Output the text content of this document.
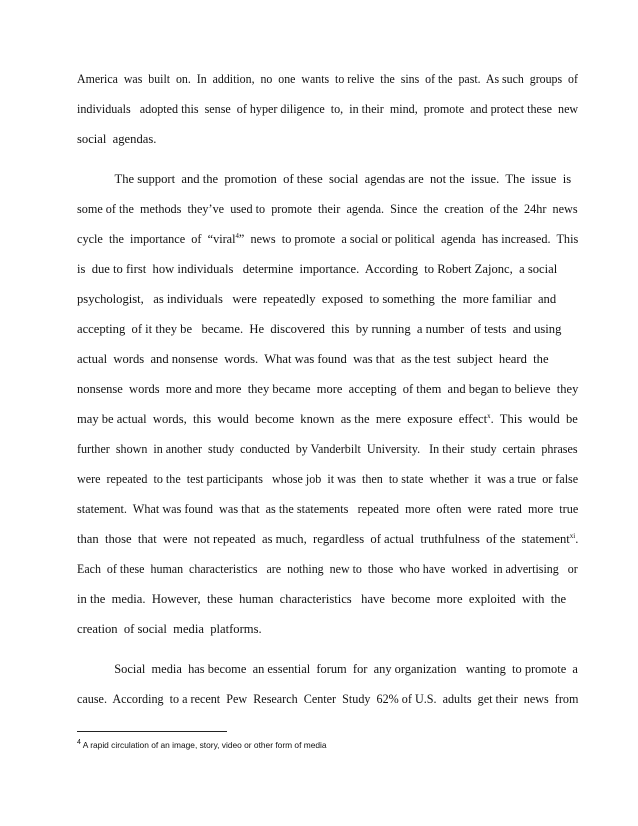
America  was  built  on.  In  addition,  no  one  wants  to relive  the  sins  of the  past.  As such  groups  of

individuals   adopted this  sense  of hyper diligence  to,  in their  mind,  promote  and protect these  new

social  agendas.

The support  and the  promotion  of these  social  agendas are  not the  issue.  The  issue  is

some of the  methods  they’ve  used to  promote  their  agenda.  Since  the  creation  of the  24hr  news

cycle  the  importance  of  “viral$^4$”  news  to promote  a social or political  agenda  has increased.  This

is  due to first  how individuals   determine  importance.  According  to Robert Zajonc,  a social

psychologist,   as individuals   were  repeatedly  exposed  to something  the  more familiar  and

accepting  of it they be   became.  He  discovered  this  by running  a number  of tests  and using

actual  words  and nonsense  words.  What was found  was that  as the test  subject  heard  the

nonsense  words  more and more  they became  more  accepting  of them  and began to believe  they

may be actual  words,  this  would  become  known  as the  mere  exposure  effect$^x$.  This  would  be

further  shown  in another  study  conducted  by Vanderbilt  University.   In their  study  certain  phrases

were  repeated  to the  test participants   whose job  it was  then  to state  whether  it  was a true  or false

statement.  What was found  was that  as the statements   repeated  more  often  were  rated  more  true

than  those  that  were  not repeated  as much,  regardless  of actual  truthfulness  of the  statement$^{xi}$.

Each  of these  human  characteristics   are  nothing  new to  those  who have  worked  in advertising   or

in the  media.  However,  these  human  characteristics   have  become  more  exploited  with  the

creation  of social  media  platforms.

Social  media  has become  an essential  forum  for  any organization   wanting  to promote  a

cause.  According  to a recent  Pew  Research  Center  Study  62% of U.S.  adults  get their  news  from

$^4$ A rapid circulation of an image, story, video or other form of media
